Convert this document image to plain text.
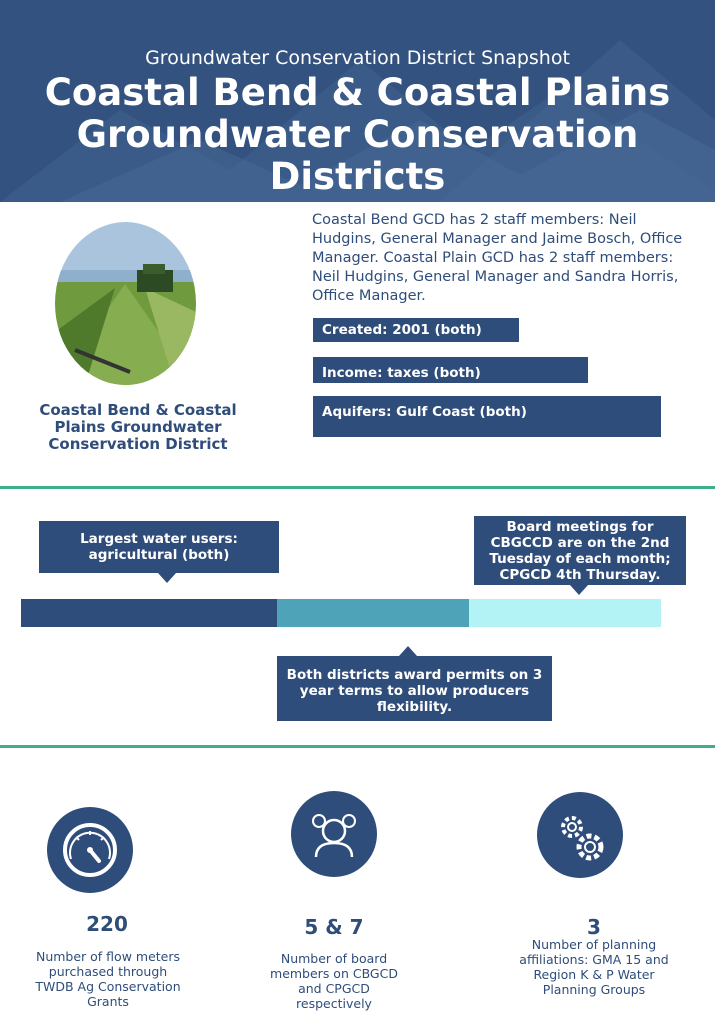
Groundwater Conservation District Snapshot
Coastal Bend & Coastal Plains Groundwater Conservation Districts
Coastal Bend & Coastal Plains Groundwater Conservation District
Coastal Bend GCD has 2 staff members: Neil Hudgins, General Manager and Jaime Bosch, Office Manager. Coastal Plain GCD has 2 staff members: Neil Hudgins, General Manager and Sandra Horris, Office Manager.
Created: 2001 (both)
Income: taxes (both)
Aquifers: Gulf Coast (both)
Largest water users: agricultural (both)
Board meetings for CBGCCD are on the 2nd Tuesday of each month; CPGCD 4th Thursday.
Both districts award permits on 3 year terms to allow producers flexibility.
220
Number of flow meters purchased through TWDB Ag Conservation Grants
5 & 7
Number of board members on CBGCD and CPGCD respectively
3
Number of planning affiliations: GMA 15 and Region K & P Water Planning Groups
